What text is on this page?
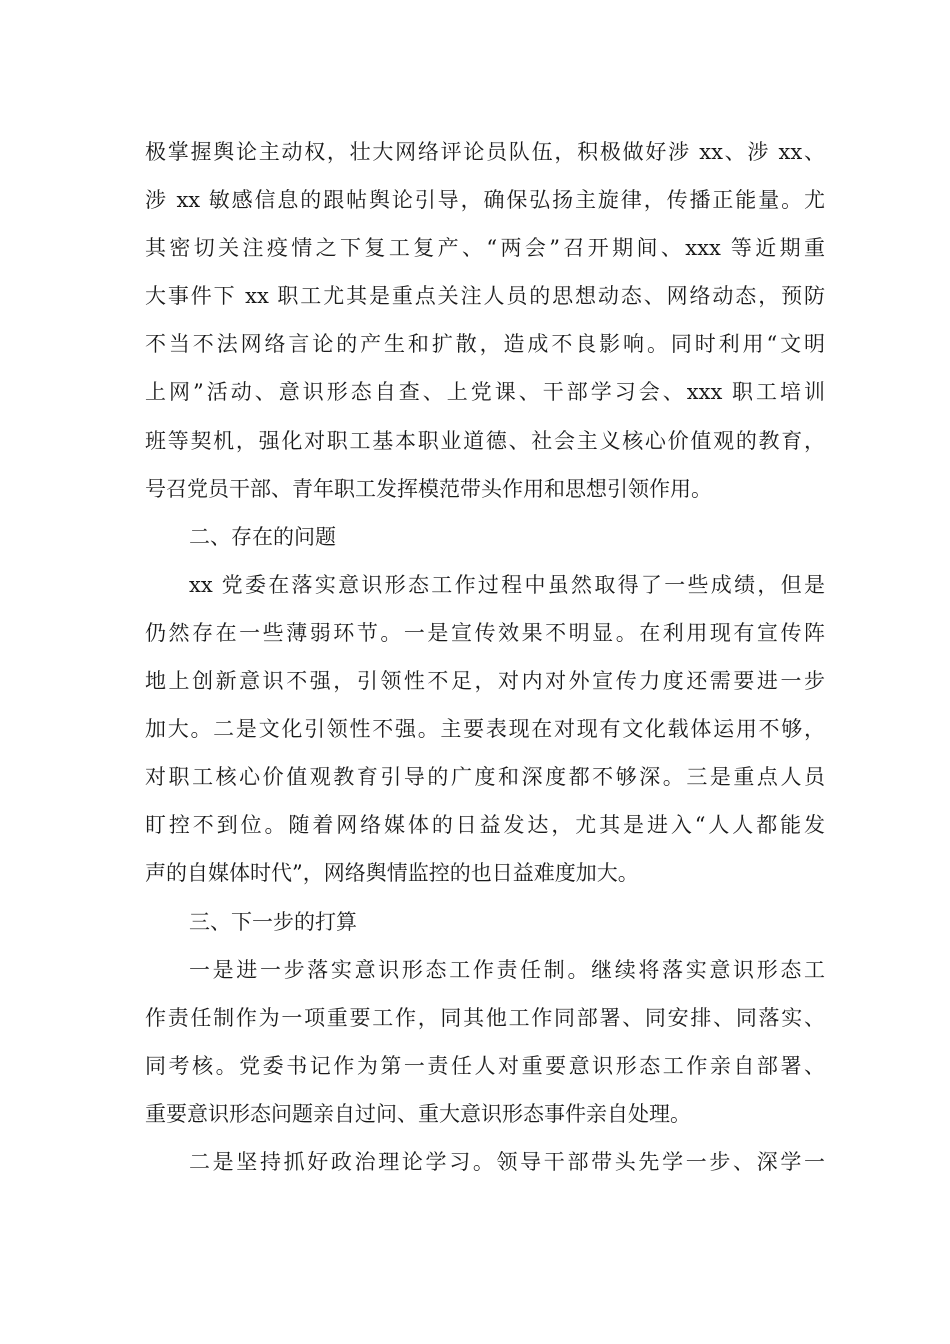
极掌握舆论主动权，壮大网络评论员队伍，积极做好涉 xx、涉 xx、
涉 xx 敏感信息的跟帖舆论引导，确保弘扬主旋律，传播正能量。尤
其密切关注疫情之下复工复产、“两会”召开期间、xxx 等近期重
大事件下 xx 职工尤其是重点关注人员的思想动态、网络动态，预防
不当不法网络言论的产生和扩散，造成不良影响。同时利用“文明
上网”活动、意识形态自查、上党课、干部学习会、xxx 职工培训
班等契机，强化对职工基本职业道德、社会主义核心价值观的教育，
号召党员干部、青年职工发挥模范带头作用和思想引领作用。
二、存在的问题
xx 党委在落实意识形态工作过程中虽然取得了一些成绩，但是
仍然存在一些薄弱环节。一是宣传效果不明显。在利用现有宣传阵
地上创新意识不强，引领性不足，对内对外宣传力度还需要进一步
加大。二是文化引领性不强。主要表现在对现有文化载体运用不够，
对职工核心价值观教育引导的广度和深度都不够深。三是重点人员
盯控不到位。随着网络媒体的日益发达，尤其是进入“人人都能发
声的自媒体时代”，网络舆情监控的也日益难度加大。
三、下一步的打算
一是进一步落实意识形态工作责任制。继续将落实意识形态工
作责任制作为一项重要工作，同其他工作同部署、同安排、同落实、
同考核。党委书记作为第一责任人对重要意识形态工作亲自部署、
重要意识形态问题亲自过问、重大意识形态事件亲自处理。
二是坚持抓好政治理论学习。领导干部带头先学一步、深学一
